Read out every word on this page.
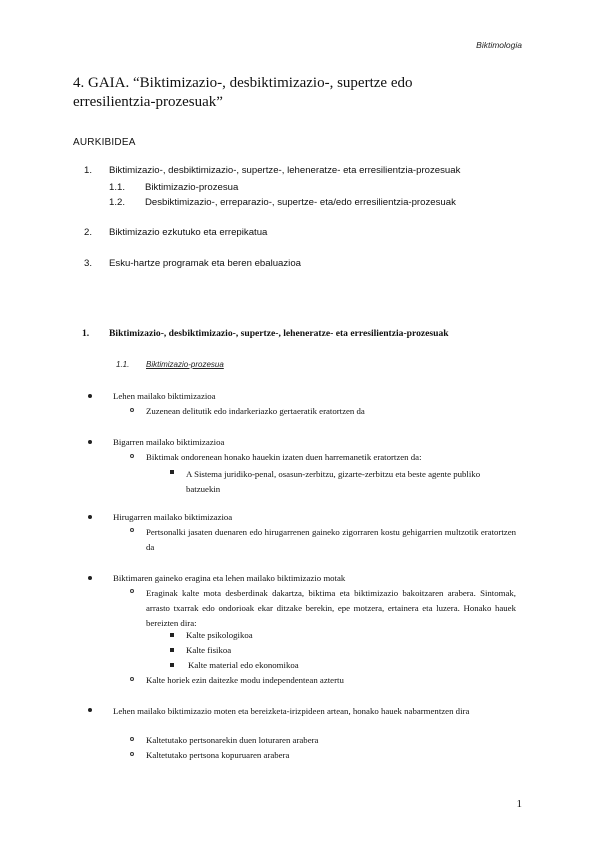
Biktimologia
4. GAIA. “Biktimizazio-, desbiktimizazio-, supertze edo erresilientzia-prozesuak”
AURKIBIDEA
1. Biktimizazio-, desbiktimizazio-, supertze-, leheneratze- eta erresilientzia-prozesuak
1.1. Biktimizazio-prozesua
1.2. Desbiktimizazio-, erreparazio-, supertze- eta/edo erresilientzia-prozesuak
2. Biktimizazio ezkutuko eta errepikatua
3. Esku-hartze programak eta beren ebaluazioa
1. Biktimizazio-, desbiktimizazio-, supertze-, leheneratze- eta erresilientzia-prozesuak
1.1. Biktimizazio-prozesua
Lehen mailako biktimizazioa
Zuzenean delitutik edo indarkeriazko gertaeratik eratortzen da
Bigarren mailako biktimizazioa
Biktimak ondorenean honako hauekin izaten duen harremanetik eratortzen da:
A Sistema juridiko-penal, osasun-zerbitzu, gizarte-zerbitzu eta beste agente publiko batzuekin
Hirugarren mailako biktimizazioa
Pertsonalki jasaten duenaren edo hirugarrenen gaineko zigorraren kostu gehigarrien multzotik eratortzen da
Biktimaren gaineko eragina eta lehen mailako biktimizazio motak
Eraginak kalte mota desberdinak dakartza, biktima eta biktimizazio bakoitzaren arabera. Sintomak, arrasto txarrak edo ondorioak ekar ditzake berekin, epe motzera, ertainera eta luzera. Honako hauek bereizten dira:
Kalte psikologikoa
Kalte fisikoa
Kalte material edo ekonomikoa
Kalte horiek ezin daitezke modu independentean aztertu
Lehen mailako biktimizazio moten eta bereizketa-irizpideen artean, honako hauek nabarmentzen dira
Kaltetutako pertsonarekin duen loturaren arabera
Kaltetutako pertsona kopuruaren arabera
1
